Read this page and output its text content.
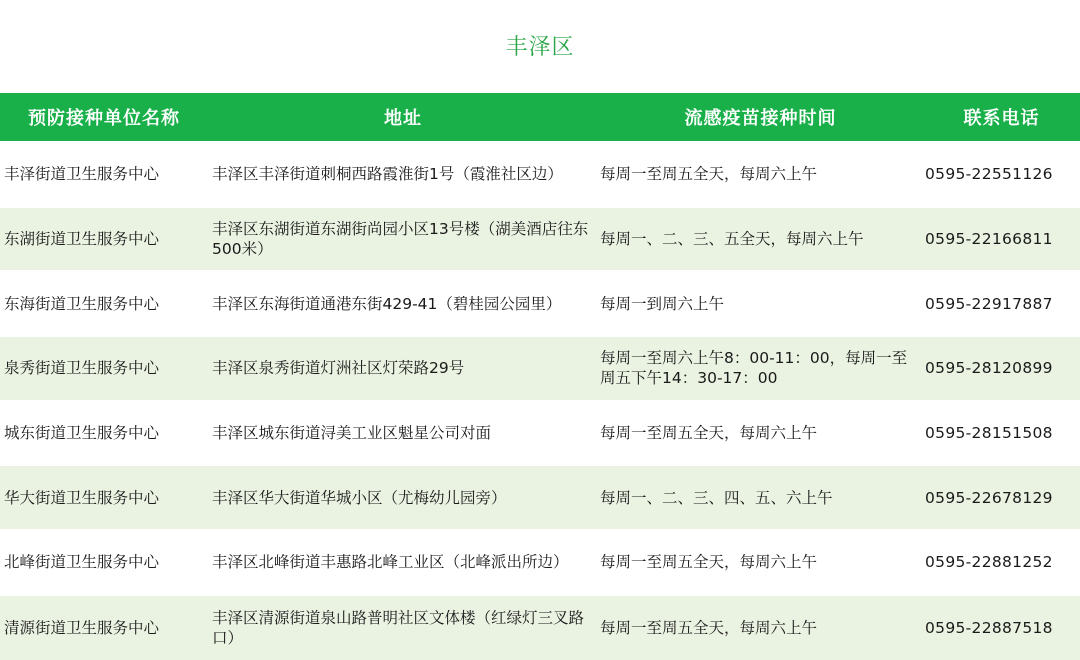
丰泽区
预防接种单位名称	地址	流感疫苗接种时间	联系电话
丰泽街道卫生服务中心	丰泽区丰泽街道刺桐西路霞淮街1号（霞淮社区边）	每周一至周五全天，每周六上午	0595-22551126
东湖街道卫生服务中心	丰泽区东湖街道东湖街尚园小区13号楼（湖美酒店往东500米）	每周一、二、三、五全天，每周六上午	0595-22166811
东海街道卫生服务中心	丰泽区东海街道通港东街429-41（碧桂园公园里）	每周一到周六上午	0595-22917887
泉秀街道卫生服务中心	丰泽区泉秀街道灯洲社区灯荣路29号	每周一至周六上午8：00-11：00，每周一至周五下午14：30-17：00	0595-28120899
城东街道卫生服务中心	丰泽区城东街道浔美工业区魁星公司对面	每周一至周五全天，每周六上午	0595-28151508
华大街道卫生服务中心	丰泽区华大街道华城小区（尤梅幼儿园旁）	每周一、二、三、四、五、六上午	0595-22678129
北峰街道卫生服务中心	丰泽区北峰街道丰惠路北峰工业区（北峰派出所边）	每周一至周五全天，每周六上午	0595-22881252
清源街道卫生服务中心	丰泽区清源街道泉山路普明社区文体楼（红绿灯三叉路口）	每周一至周五全天，每周六上午	0595-22887518
